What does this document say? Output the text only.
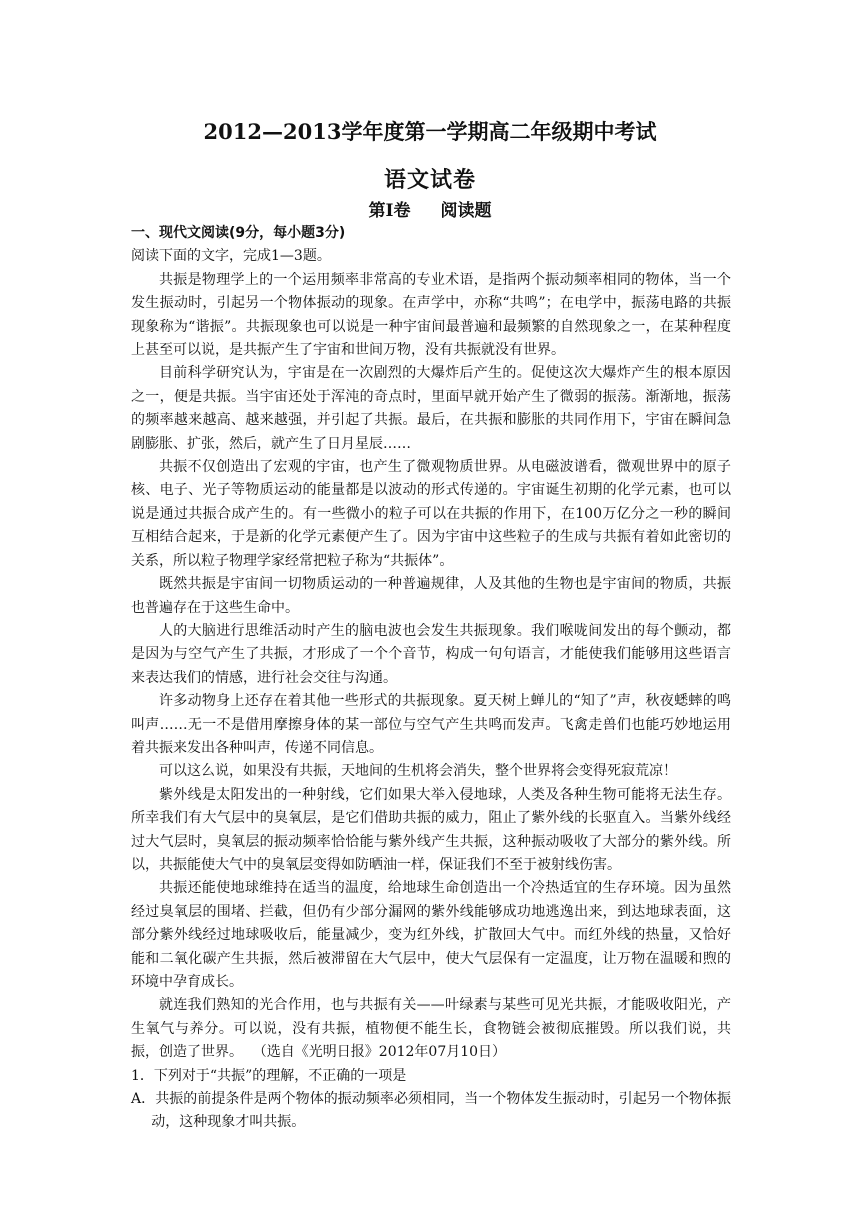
2012—2013学年度第一学期高二年级期中考试
语文试卷
第Ⅰ卷 阅读题

一、现代文阅读(9分，每小题3分)

阅读下面的文字，完成1—3题。

共振是物理学上的一个运用频率非常高的专业术语，是指两个振动频率相同的物体，当一个发生振动时，引起另一个物体振动的现象。在声学中，亦称“共鸣”；在电学中，振荡电路的共振现象称为“谐振”。共振现象也可以说是一种宇宙间最普遍和最频繁的自然现象之一，在某种程度上甚至可以说，是共振产生了宇宙和世间万物，没有共振就没有世界。

目前科学研究认为，宇宙是在一次剧烈的大爆炸后产生的。促使这次大爆炸产生的根本原因之一，便是共振。当宇宙还处于浑沌的奇点时，里面早就开始产生了微弱的振荡。渐渐地，振荡的频率越来越高、越来越强，并引起了共振。最后，在共振和膨胀的共同作用下，宇宙在瞬间急剧膨胀、扩张，然后，就产生了日月星辰……

共振不仅创造出了宏观的宇宙，也产生了微观物质世界。从电磁波谱看，微观世界中的原子核、电子、光子等物质运动的能量都是以波动的形式传递的。宇宙诞生初期的化学元素，也可以说是通过共振合成产生的。有一些微小的粒子可以在共振的作用下，在100万亿分之一秒的瞬间互相结合起来，于是新的化学元素便产生了。因为宇宙中这些粒子的生成与共振有着如此密切的关系，所以粒子物理学家经常把粒子称为“共振体”。

既然共振是宇宙间一切物质运动的一种普遍规律，人及其他的生物也是宇宙间的物质，共振也普遍存在于这些生命中。

人的大脑进行思维活动时产生的脑电波也会发生共振现象。我们喉咙间发出的每个颤动，都是因为与空气产生了共振，才形成了一个个音节，构成一句句语言，才能使我们能够用这些语言来表达我们的情感，进行社会交往与沟通。

许多动物身上还存在着其他一些形式的共振现象。夏天树上蝉儿的“知了”声，秋夜蟋蟀的鸣叫声……无一不是借用摩擦身体的某一部位与空气产生共鸣而发声。飞禽走兽们也能巧妙地运用着共振来发出各种叫声，传递不同信息。

可以这么说，如果没有共振，天地间的生机将会消失，整个世界将会变得死寂荒凉！

紫外线是太阳发出的一种射线，它们如果大举入侵地球，人类及各种生物可能将无法生存。所幸我们有大气层中的臭氧层，是它们借助共振的威力，阻止了紫外线的长驱直入。当紫外线经过大气层时，臭氧层的振动频率恰恰能与紫外线产生共振，这种振动吸收了大部分的紫外线。所以，共振能使大气中的臭氧层变得如防晒油一样，保证我们不至于被射线伤害。

共振还能使地球维持在适当的温度，给地球生命创造出一个冷热适宜的生存环境。因为虽然经过臭氧层的围堵、拦截，但仍有少部分漏网的紫外线能够成功地逃逸出来，到达地球表面，这部分紫外线经过地球吸收后，能量减少，变为红外线，扩散回大气中。而红外线的热量，又恰好能和二氧化碳产生共振，然后被滞留在大气层中，使大气层保有一定温度，让万物在温暖和煦的环境中孕育成长。

就连我们熟知的光合作用，也与共振有关——叶绿素与某些可见光共振，才能吸收阳光，产生氧气与养分。可以说，没有共振，植物便不能生长，食物链会被彻底摧毁。所以我们说，共振，创造了世界。 （选自《光明日报》2012年07月10日）

1．下列对于“共振”的理解，不正确的一项是

A．共振的前提条件是两个物体的振动频率必须相同，当一个物体发生振动时，引起另一个物体振动，这种现象才叫共振。
